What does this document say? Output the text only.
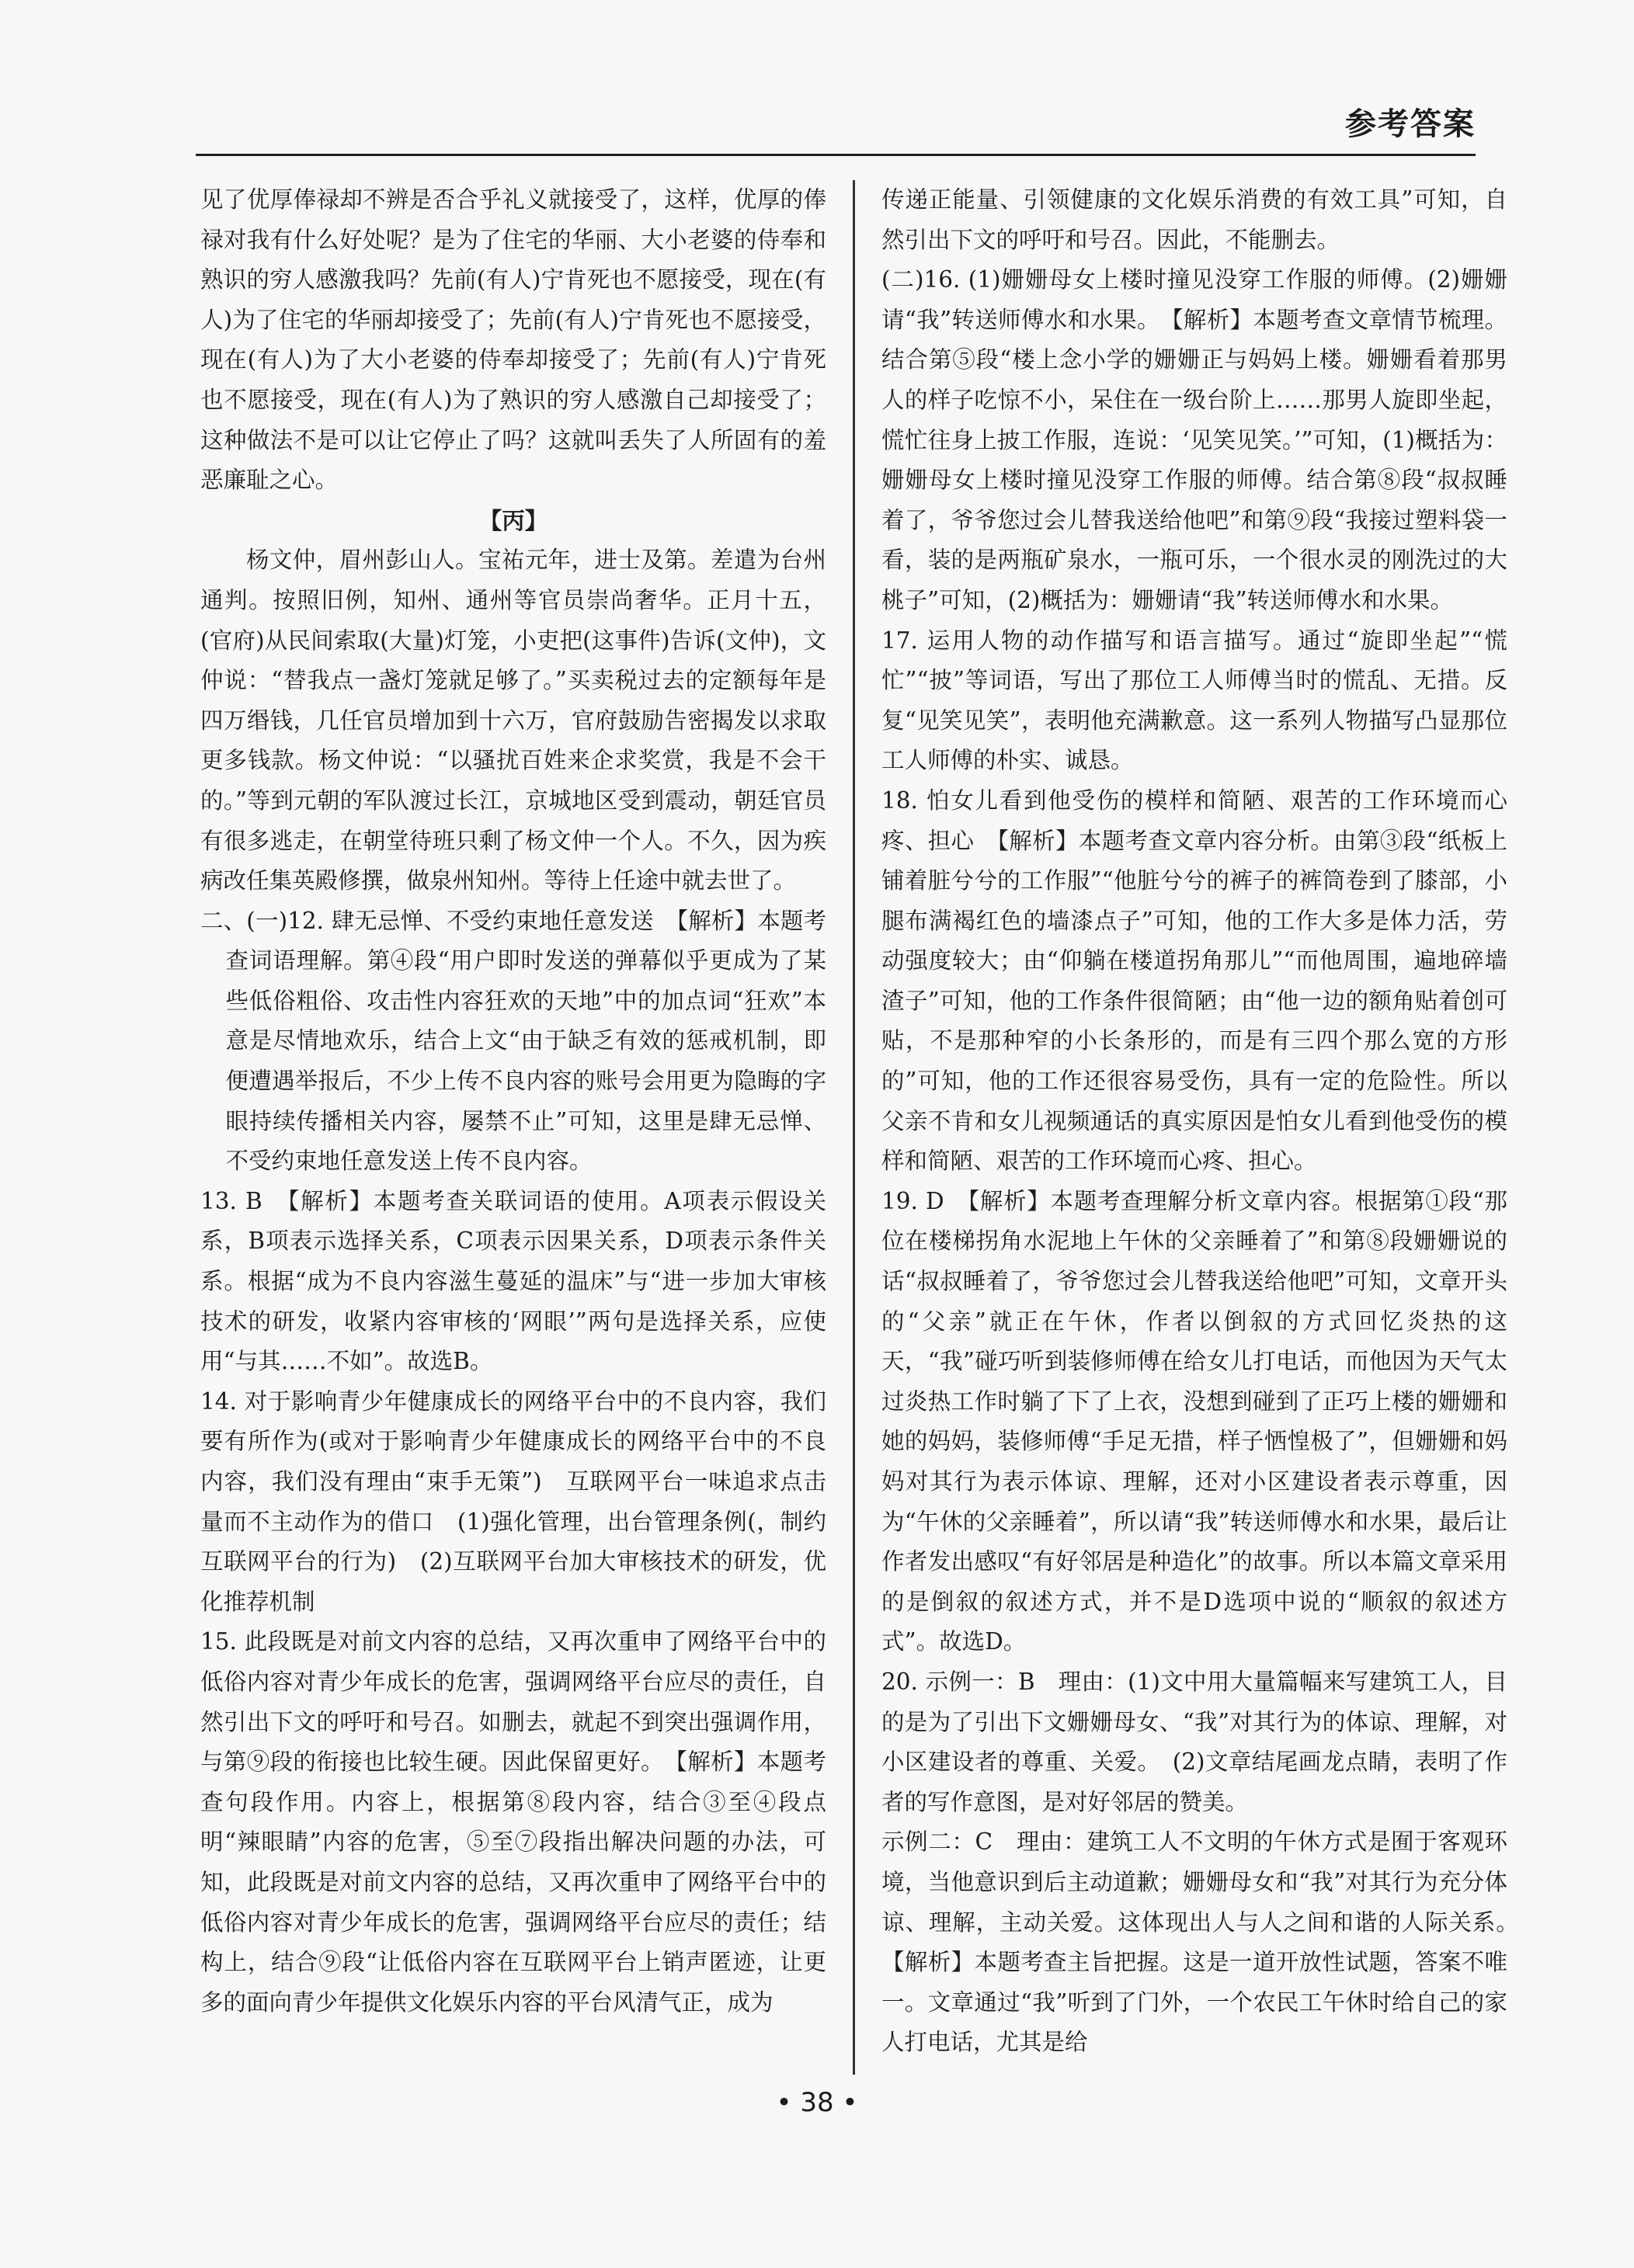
参考答案

见了优厚俸禄却不辨是否合乎礼义就接受了，这样，优厚的俸禄对我有什么好处呢？是为了住宅的华丽、大小老婆的侍奉和熟识的穷人感激我吗？先前(有人)宁肯死也不愿接受，现在(有人)为了住宅的华丽却接受了；先前(有人)宁肯死也不愿接受，现在(有人)为了大小老婆的侍奉却接受了；先前(有人)宁肯死也不愿接受，现在(有人)为了熟识的穷人感激自己却接受了；这种做法不是可以让它停止了吗？这就叫丢失了人所固有的羞恶廉耻之心。

【丙】

杨文仲，眉州彭山人。宝祐元年，进士及第。差遣为台州通判。按照旧例，知州、通州等官员崇尚奢华。正月十五，(官府)从民间索取(大量)灯笼，小吏把(这事件)告诉(文仲)，文仲说：“替我点一盏灯笼就足够了。”买卖税过去的定额每年是四万缗钱，几任官员增加到十六万，官府鼓励告密揭发以求取更多钱款。杨文仲说：“以骚扰百姓来企求奖赏，我是不会干的。”等到元朝的军队渡过长江，京城地区受到震动，朝廷官员有很多逃走，在朝堂待班只剩了杨文仲一个人。不久，因为疾病改任集英殿修撰，做泉州知州。等待上任途中就去世了。

二、(一)12. 肆无忌惮、不受约束地任意发送　【解析】本题考查词语理解。第④段“用户即时发送的弹幕似乎更成为了某些低俗粗俗、攻击性内容狂欢的天地”中的加点词“狂欢”本意是尽情地欢乐，结合上文“由于缺乏有效的惩戒机制，即便遭遇举报后，不少上传不良内容的账号会用更为隐晦的字眼持续传播相关内容，屡禁不止”可知，这里是肆无忌惮、不受约束地任意发送上传不良内容。

13. B　【解析】本题考查关联词语的使用。A项表示假设关系，B项表示选择关系，C项表示因果关系，D项表示条件关系。根据“成为不良内容滋生蔓延的温床”与“进一步加大审核技术的研发，收紧内容审核的‘网眼’”两句是选择关系，应使用“与其……不如”。故选B。

14. 对于影响青少年健康成长的网络平台中的不良内容，我们要有所作为(或对于影响青少年健康成长的网络平台中的不良内容，我们没有理由“束手无策”)　互联网平台一味追求点击量而不主动作为的借口　(1)强化管理，出台管理条例(，制约互联网平台的行为)　(2)互联网平台加大审核技术的研发，优化推荐机制

15. 此段既是对前文内容的总结，又再次重申了网络平台中的低俗内容对青少年成长的危害，强调网络平台应尽的责任，自然引出下文的呼吁和号召。如删去，就起不到突出强调作用，与第⑨段的衔接也比较生硬。因此保留更好。　【解析】本题考查句段作用。内容上，根据第⑧段内容，结合③至④段点明“辣眼睛”内容的危害，⑤至⑦段指出解决问题的办法，可知，此段既是对前文内容的总结，又再次重申了网络平台中的低俗内容对青少年成长的危害，强调网络平台应尽的责任；结构上，结合⑨段“让低俗内容在互联网平台上销声匿迹，让更多的面向青少年提供文化娱乐内容的平台风清气正，成为

传递正能量、引领健康的文化娱乐消费的有效工具”可知，自然引出下文的呼吁和号召。因此，不能删去。

(二)16. (1)姗姗母女上楼时撞见没穿工作服的师傅。(2)姗姗请“我”转送师傅水和水果。　【解析】本题考查文章情节梳理。结合第⑤段“楼上念小学的姗姗正与妈妈上楼。姗姗看着那男人的样子吃惊不小，呆住在一级台阶上……那男人旋即坐起，慌忙往身上披工作服，连说：‘见笑见笑。’”可知，(1)概括为：姗姗母女上楼时撞见没穿工作服的师傅。结合第⑧段“叔叔睡着了，爷爷您过会儿替我送给他吧”和第⑨段“我接过塑料袋一看，装的是两瓶矿泉水，一瓶可乐，一个很水灵的刚洗过的大桃子”可知，(2)概括为：姗姗请“我”转送师傅水和水果。

17. 运用人物的动作描写和语言描写。通过“旋即坐起”“慌忙”“披”等词语，写出了那位工人师傅当时的慌乱、无措。反复“见笑见笑”，表明他充满歉意。这一系列人物描写凸显那位工人师傅的朴实、诚恳。

18. 怕女儿看到他受伤的模样和简陋、艰苦的工作环境而心疼、担心　【解析】本题考查文章内容分析。由第③段“纸板上铺着脏兮兮的工作服”“他脏兮兮的裤子的裤筒卷到了膝部，小腿布满褐红色的墙漆点子”可知，他的工作大多是体力活，劳动强度较大；由“仰躺在楼道拐角那儿”“而他周围，遍地碎墙渣子”可知，他的工作条件很简陋；由“他一边的额角贴着创可贴，不是那种窄的小长条形的，而是有三四个那么宽的方形的”可知，他的工作还很容易受伤，具有一定的危险性。所以父亲不肯和女儿视频通话的真实原因是怕女儿看到他受伤的模样和简陋、艰苦的工作环境而心疼、担心。

19. D　【解析】本题考查理解分析文章内容。根据第①段“那位在楼梯拐角水泥地上午休的父亲睡着了”和第⑧段姗姗说的话“叔叔睡着了，爷爷您过会儿替我送给他吧”可知，文章开头的“父亲”就正在午休，作者以倒叙的方式回忆炎热的这天，“我”碰巧听到装修师傅在给女儿打电话，而他因为天气太过炎热工作时躺了下了上衣，没想到碰到了正巧上楼的姗姗和她的妈妈，装修师傅“手足无措，样子恓惶极了”，但姗姗和妈妈对其行为表示体谅、理解，还对小区建设者表示尊重，因为“午休的父亲睡着”，所以请“我”转送师傅水和水果，最后让作者发出感叹“有好邻居是种造化”的故事。所以本篇文章采用的是倒叙的叙述方式，并不是D选项中说的“顺叙的叙述方式”。故选D。

20. 示例一：B　理由：(1)文中用大量篇幅来写建筑工人，目的是为了引出下文姗姗母女、“我”对其行为的体谅、理解，对小区建设者的尊重、关爱。　(2)文章结尾画龙点睛，表明了作者的写作意图，是对好邻居的赞美。

示例二：C　理由：建筑工人不文明的午休方式是囿于客观环境，当他意识到后主动道歉；姗姗母女和“我”对其行为充分体谅、理解，主动关爱。这体现出人与人之间和谐的人际关系。　【解析】本题考查主旨把握。这是一道开放性试题，答案不唯一。文章通过“我”听到了门外，一个农民工午休时给自己的家人打电话，尤其是给

• 38 •
